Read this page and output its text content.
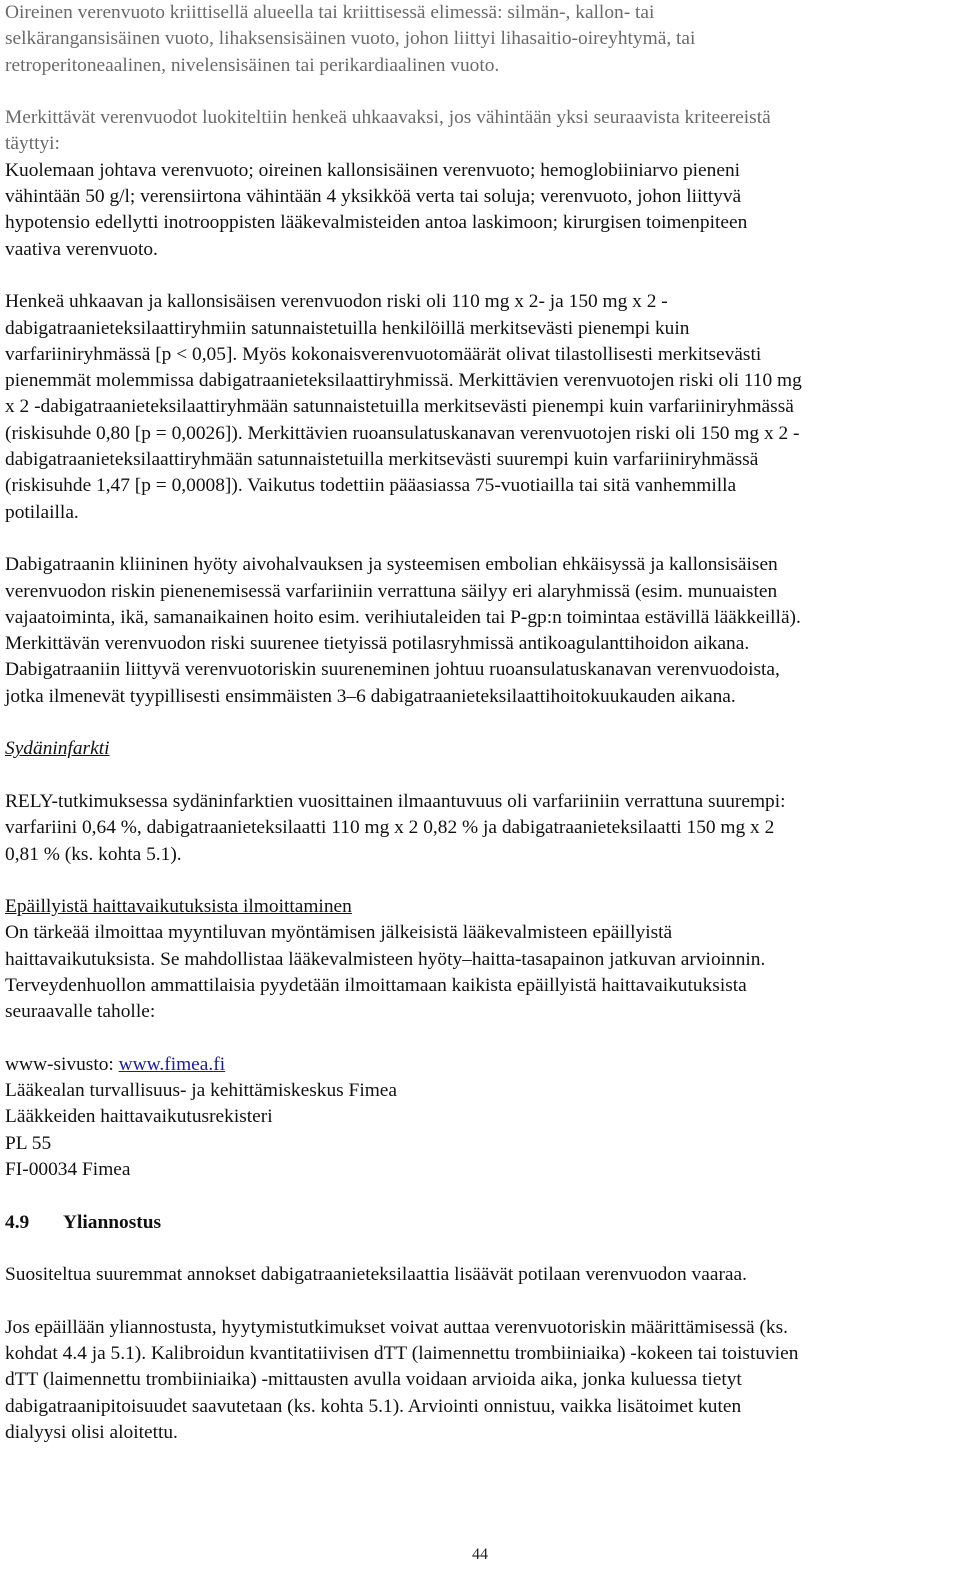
Oireinen verenvuoto kriittisellä alueella tai kriittisessä elimessä: silmän-, kallon- tai
selkärangansisäinen vuoto, lihaksensisäinen vuoto, johon liittyi lihasaitio-oireyhtymä, tai
retroperitoneaalinen, nivelensisäinen tai perikardiaalinen vuoto.
Merkittävät verenvuodot luokiteltiin henkeä uhkaavaksi, jos vähintään yksi seuraavista kriteereistä
täyttyi:
Kuolemaan johtava verenvuoto; oireinen kallonsisäinen verenvuoto; hemoglobiiniarvo pieneni
vähintään 50 g/l; verensiirtona vähintään 4 yksikköä verta tai soluja; verenvuoto, johon liittyvä
hypotensio edellytti inotrooppisten lääkevalmisteiden antoa laskimoon; kirurgisen toimenpiteen
vaativa verenvuoto.
Henkeä uhkaavan ja kallonsisäisen verenvuodon riski oli 110 mg x 2- ja 150 mg x 2 -
dabigatraanieteksilaattiryhmiin satunnaistetuilla henkilöillä merkitsevästi pienempi kuin
varfariiniryhmässä [p < 0,05]. Myös kokonaisverenvuotomäärät olivat tilastollisesti merkitsevästi
pienemmät molemmissa dabigatraanieteksilaattiryhmissä. Merkittävien verenvuotojen riski oli 110 mg
x 2 -dabigatraanieteksilaattiryhmään satunnaistetuilla merkitsevästi pienempi kuin varfariiniryhmässä
(riskisuhde 0,80 [p = 0,0026]). Merkittävien ruoansulatuskanavan verenvuotojen riski oli 150 mg x 2 -
dabigatraanieteksilaattiryhmään satunnaistetuilla merkitsevästi suurempi kuin varfariiniryhmässä
(riskisuhde 1,47 [p = 0,0008]). Vaikutus todettiin pääasiassa 75-vuotiailla tai sitä vanhemmilla
potilailla.
Dabigatraanin kliininen hyöty aivohalvauksen ja systeemisen embolian ehkäisyssä ja kallonsisäisen
verenvuodon riskin pienenemisessä varfariiniin verrattuna säilyy eri alaryhmissä (esim. munuaisten
vajaatoiminta, ikä, samanaikainen hoito esim. verihiutaleiden tai P-gp:n toimintaa estävillä lääkkeillä).
Merkittävän verenvuodon riski suurenee tietyissä potilasryhmissä antikoagulanttihoidon aikana.
Dabigatraaniin liittyvä verenvuotoriskin suureneminen johtuu ruoansulatuskanavan verenvuodoista,
jotka ilmenevät tyypillisesti ensimmäisten 3–6 dabigatraanieteksilaattihoitokuukauden aikana.
Sydäninfarkti
RELY-tutkimuksessa sydäninfarktien vuosittainen ilmaantuvuus oli varfariiniin verrattuna suurempi:
varfariini 0,64 %, dabigatraanieteksilaatti 110 mg x 2 0,82 % ja dabigatraanieteksilaatti 150 mg x 2
0,81 % (ks. kohta 5.1).
Epäillyistä haittavaikutuksista ilmoittaminen
On tärkeää ilmoittaa myyntiluvan myöntämisen jälkeisistä lääkevalmisteen epäillyistä
haittavaikutuksista. Se mahdollistaa lääkevalmisteen hyöty–haitta-tasapainon jatkuvan arvioinnin.
Terveydenhuollon ammattilaisia pyydetään ilmoittamaan kaikista epäillyistä haittavaikutuksista
seuraavalle taholle:
www-sivusto: www.fimea.fi
Lääkealan turvallisuus- ja kehittämiskeskus Fimea
Lääkkeiden haittavaikutusrekisteri
PL 55
FI-00034 Fimea
4.9 Yliannostus
Suositeltua suuremmat annokset dabigatraanieteksilaattia lisäävät potilaan verenvuodon vaaraa.
Jos epäillään yliannostusta, hyytymistutkimukset voivat auttaa verenvuotoriskin määrittämisessä (ks.
kohdat 4.4 ja 5.1). Kalibroidun kvantitatiivisen dTT (laimennettu trombiiniaika) -kokeen tai toistuvien
dTT (laimennettu trombiiniaika) -mittausten avulla voidaan arvioida aika, jonka kuluessa tietyt
dabigatraanipitoisuudet saavutetaan (ks. kohta 5.1). Arviointi onnistuu, vaikka lisätoimet kuten
dialyysi olisi aloitettu.
44
